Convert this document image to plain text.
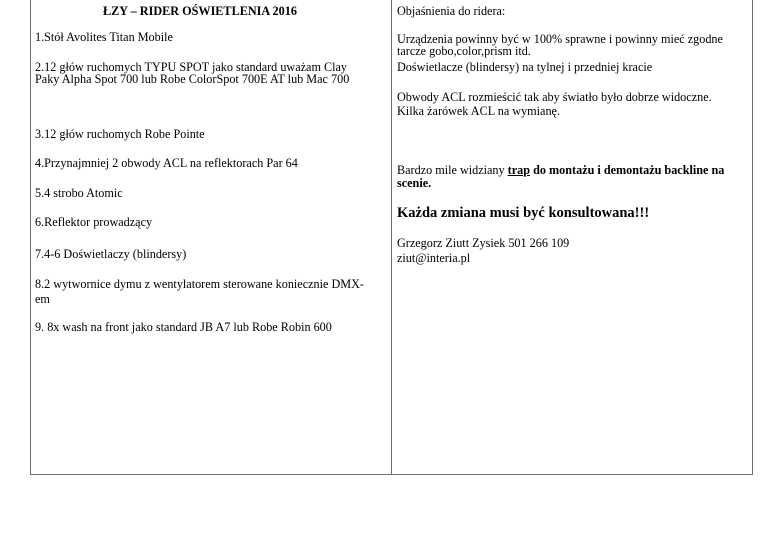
ŁZY – RIDER OŚWIETLENIA 2016
1.Stół Avolites Titan Mobile
2.12 głów ruchomych TYPU SPOT jako standard uważam Clay Paky Alpha Spot 700 lub Robe ColorSpot 700E AT lub Mac 700
3.12 głów ruchomych Robe Pointe
4.Przynajmniej 2 obwody ACL na reflektorach Par 64
5.4 strobo Atomic
6.Reflektor prowadzący
7.4-6 Doświetlaczy (blindersy)
8.2 wytwornice dymu z wentylatorem sterowane koniecznie DMX-em
9. 8x wash na front jako standard JB A7 lub Robe Robin 600
Objaśnienia do ridera:
Urządzenia powinny być w 100% sprawne i powinny mieć zgodne tarcze gobo,color,prism itd.
Doświetlacze (blindersy) na tylnej i przedniej kracie
Obwody ACL rozmieścić tak aby światło było dobrze widoczne.
Kilka żarówek ACL na wymianę.
Bardzo mile widziany trap do montażu i demontażu backline na scenie.
Każda zmiana musi być konsultowana!!!
Grzegorz Ziutt Zysiek 501 266 109
ziut@interia.pl
